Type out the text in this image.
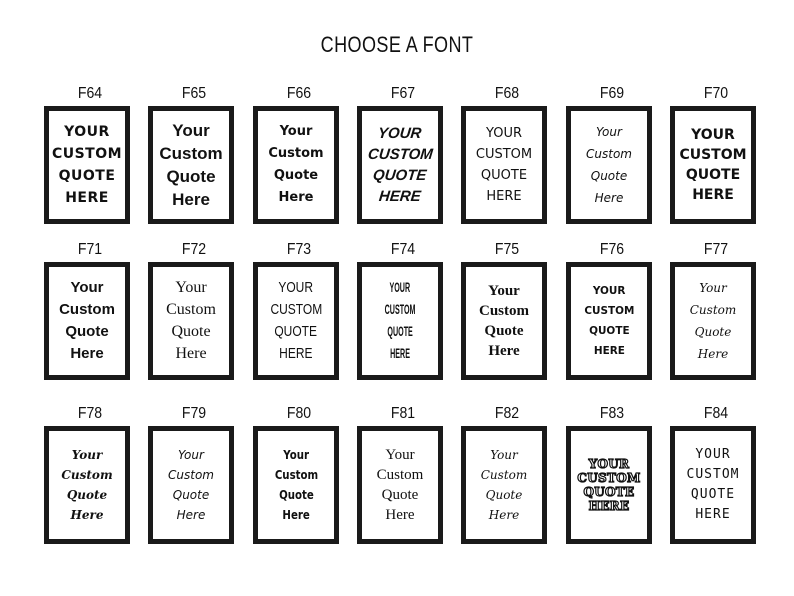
CHOOSE A FONT
F64
YOUR
CUSTOM
QUOTE
HERE
F65
Your
Custom
Quote
Here
F66
Your
Custom
Quote
Here
F67
YOUR
CUSTOM
QUOTE
HERE
F68
YOUR
CUSTOM
QUOTE
HERE
F69
Your
Custom
Quote
Here
F70
YOUR
CUSTOM
QUOTE
HERE
F71
Your
Custom
Quote
Here
F72
Your
Custom
Quote
Here
F73
YOUR
CUSTOM
QUOTE
HERE
F74
YOUR
CUSTOM
QUOTE
HERE
F75
Your
Custom
Quote
Here
F76
YOUR
CUSTOM
QUOTE
HERE
F77
Your
Custom
Quote
Here
F78
Your
Custom
Quote
Here
F79
Your
Custom
Quote
Here
F80
Your
Custom
Quote
Here
F81
Your
Custom
Quote
Here
F82
Your
Custom
Quote
Here
F83
YOUR
CUSTOM
QUOTE
HERE
F84
YOUR
CUSTOM
QUOTE
HERE
